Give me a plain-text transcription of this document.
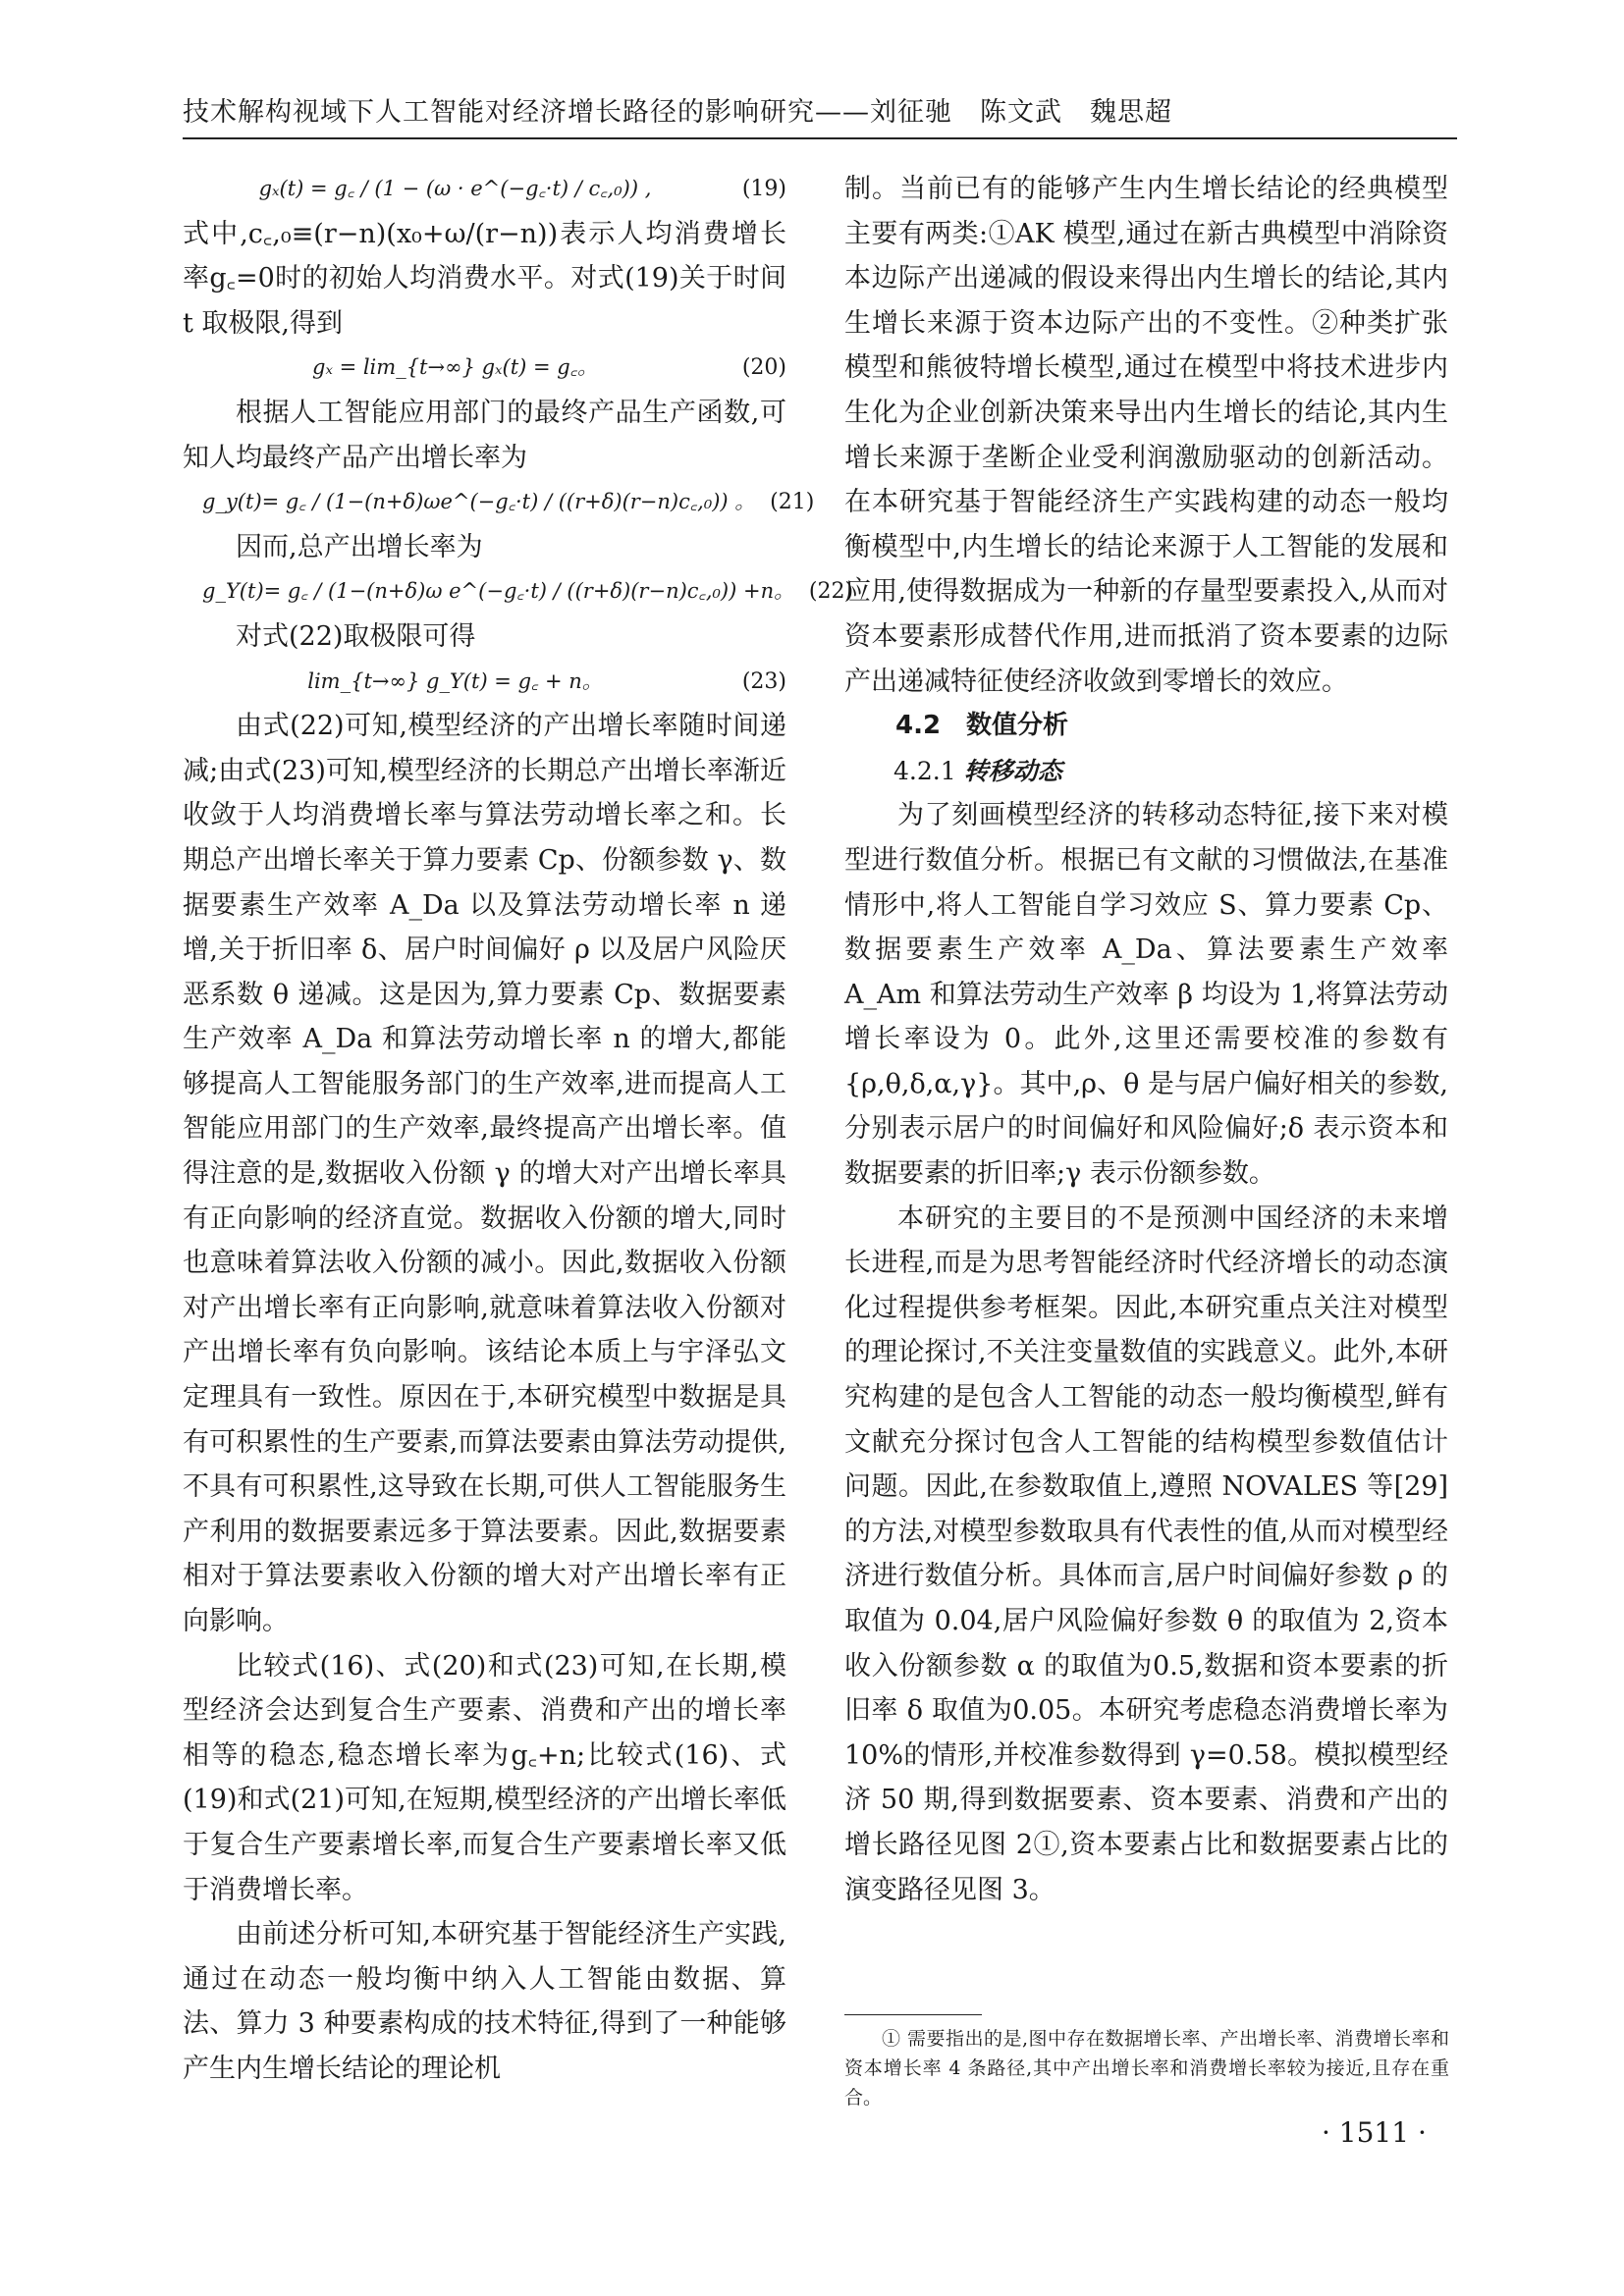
技术解构视域下人工智能对经济增长路径的影响研究——刘征驰　陈文武　魏思超
gₓ(t) = g꜀ / (1 − (ω · e^(−g꜀·t) / c꜀,₀)) ,	(19)

式中,c꜀,₀≡(r−n)(x₀+ω/(r−n))表示人均消费增长率g꜀=0时的初始人均消费水平。对式(19)关于时间 t 取极限,得到

gₓ = lim_{t→∞} gₓ(t) = g꜀。	(20)

根据人工智能应用部门的最终产品生产函数,可知人均最终产品产出增长率为

g_y(t)= g꜀ / (1−(n+δ)ωe^(−g꜀·t) / ((r+δ)(r−n)c꜀,₀)) 。 (21)

因而,总产出增长率为

g_Y(t)= g꜀ / (1−(n+δ)ω e^(−g꜀·t) / ((r+δ)(r−n)c꜀,₀)) +n。 (22)

对式(22)取极限可得

lim_{t→∞} g_Y(t) = g꜀ + n。	(23)

由式(22)可知,模型经济的产出增长率随时间递减;由式(23)可知,模型经济的长期总产出增长率渐近收敛于人均消费增长率与算法劳动增长率之和。长期总产出增长率关于算力要素 Cp、份额参数 γ、数据要素生产效率 A_Da 以及算法劳动增长率 n 递增,关于折旧率 δ、居户时间偏好 ρ 以及居户风险厌恶系数 θ 递减。这是因为,算力要素 Cp、数据要素生产效率 A_Da 和算法劳动增长率 n 的增大,都能够提高人工智能服务部门的生产效率,进而提高人工智能应用部门的生产效率,最终提高产出增长率。值得注意的是,数据收入份额 γ 的增大对产出增长率具有正向影响的经济直觉。数据收入份额的增大,同时也意味着算法收入份额的减小。因此,数据收入份额对产出增长率有正向影响,就意味着算法收入份额对产出增长率有负向影响。该结论本质上与宇泽弘文定理具有一致性。原因在于,本研究模型中数据是具有可积累性的生产要素,而算法要素由算法劳动提供,不具有可积累性,这导致在长期,可供人工智能服务生产利用的数据要素远多于算法要素。因此,数据要素相对于算法要素收入份额的增大对产出增长率有正向影响。

比较式(16)、式(20)和式(23)可知,在长期,模型经济会达到复合生产要素、消费和产出的增长率相等的稳态,稳态增长率为g꜀+n;比较式(16)、式(19)和式(21)可知,在短期,模型经济的产出增长率低于复合生产要素增长率,而复合生产要素增长率又低于消费增长率。

由前述分析可知,本研究基于智能经济生产实践,通过在动态一般均衡中纳入人工智能由数据、算法、算力 3 种要素构成的技术特征,得到了一种能够产生内生增长结论的理论机

制。当前已有的能够产生内生增长结论的经典模型主要有两类:①AK 模型,通过在新古典模型中消除资本边际产出递减的假设来得出内生增长的结论,其内生增长来源于资本边际产出的不变性。②种类扩张模型和熊彼特增长模型,通过在模型中将技术进步内生化为企业创新决策来导出内生增长的结论,其内生增长来源于垄断企业受利润激励驱动的创新活动。在本研究基于智能经济生产实践构建的动态一般均衡模型中,内生增长的结论来源于人工智能的发展和应用,使得数据成为一种新的存量型要素投入,从而对资本要素形成替代作用,进而抵消了资本要素的边际产出递减特征使经济收敛到零增长的效应。

4.2　数值分析

4.2.1 转移动态

为了刻画模型经济的转移动态特征,接下来对模型进行数值分析。根据已有文献的习惯做法,在基准情形中,将人工智能自学习效应 S、算力要素 Cp、数据要素生产效率 A_Da、算法要素生产效率 A_Am 和算法劳动生产效率 β 均设为 1,将算法劳动增长率设为 0。此外,这里还需要校准的参数有{ρ,θ,δ,α,γ}。其中,ρ、θ 是与居户偏好相关的参数,分别表示居户的时间偏好和风险偏好;δ 表示资本和数据要素的折旧率;γ 表示份额参数。

本研究的主要目的不是预测中国经济的未来增长进程,而是为思考智能经济时代经济增长的动态演化过程提供参考框架。因此,本研究重点关注对模型的理论探讨,不关注变量数值的实践意义。此外,本研究构建的是包含人工智能的动态一般均衡模型,鲜有文献充分探讨包含人工智能的结构模型参数值估计问题。因此,在参数取值上,遵照 NOVALES 等[29]的方法,对模型参数取具有代表性的值,从而对模型经济进行数值分析。具体而言,居户时间偏好参数 ρ 的取值为 0.04,居户风险偏好参数 θ 的取值为 2,资本收入份额参数 α 的取值为0.5,数据和资本要素的折旧率 δ 取值为0.05。本研究考虑稳态消费增长率为 10%的情形,并校准参数得到 γ=0.58。模拟模型经济 50 期,得到数据要素、资本要素、消费和产出的增长路径见图 2①,资本要素占比和数据要素占比的演变路径见图 3。

① 需要指出的是,图中存在数据增长率、产出增长率、消费增长率和资本增长率 4 条路径,其中产出增长率和消费增长率较为接近,且存在重合。
· 1511 ·
